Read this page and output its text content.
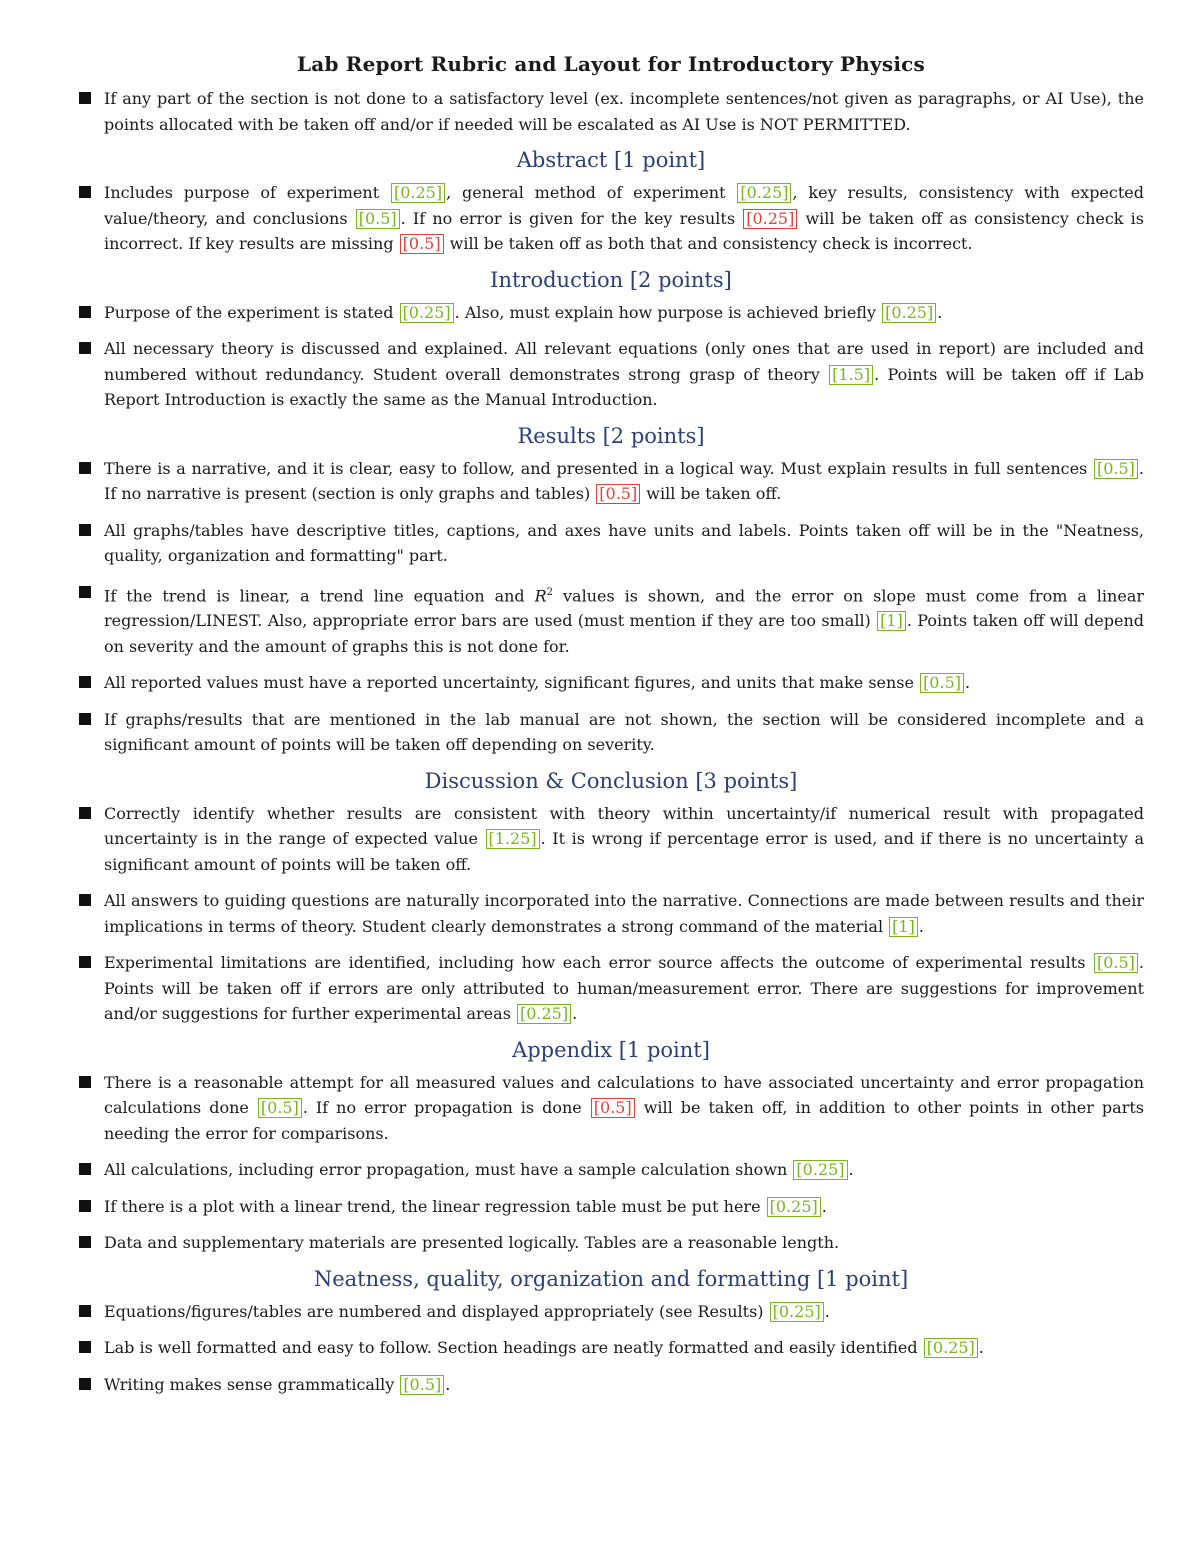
Lab Report Rubric and Layout for Introductory Physics
If any part of the section is not done to a satisfactory level (ex. incomplete sentences/not given as paragraphs, or AI Use), the points allocated with be taken off and/or if needed will be escalated as AI Use is NOT PERMITTED.
Abstract [1 point]
Includes purpose of experiment [0.25] , general method of experiment [0.25] , key results, consistency with expected value/theory, and conclusions [0.5] . If no error is given for the key results [0.25] will be taken off as consistency check is incorrect. If key results are missing [0.5] will be taken off as both that and consistency check is incorrect.
Introduction [2 points]
Purpose of the experiment is stated [0.25] . Also, must explain how purpose is achieved briefly [0.25] .
All necessary theory is discussed and explained. All relevant equations (only ones that are used in report) are included and numbered without redundancy. Student overall demonstrates strong grasp of theory [1.5] . Points will be taken off if Lab Report Introduction is exactly the same as the Manual Introduction.
Results [2 points]
There is a narrative, and it is clear, easy to follow, and presented in a logical way. Must explain results in full sentences [0.5] . If no narrative is present (section is only graphs and tables) [0.5] will be taken off.
All graphs/tables have descriptive titles, captions, and axes have units and labels. Points taken off will be in the "Neatness, quality, organization and formatting" part.
If the trend is linear, a trend line equation and $R^2$ values is shown, and the error on slope must come from a linear regression/LINEST. Also, appropriate error bars are used (must mention if they are too small) [1] . Points taken off will depend on severity and the amount of graphs this is not done for.
All reported values must have a reported uncertainty, significant figures, and units that make sense [0.5] .
If graphs/results that are mentioned in the lab manual are not shown, the section will be considered incomplete and a significant amount of points will be taken off depending on severity.
Discussion & Conclusion [3 points]
Correctly identify whether results are consistent with theory within uncertainty/if numerical result with propagated uncertainty is in the range of expected value [1.25] . It is wrong if percentage error is used, and if there is no uncertainty a significant amount of points will be taken off.
All answers to guiding questions are naturally incorporated into the narrative. Connections are made between results and their implications in terms of theory. Student clearly demonstrates a strong command of the material [1] .
Experimental limitations are identified, including how each error source affects the outcome of experimental results [0.5] . Points will be taken off if errors are only attributed to human/measurement error. There are suggestions for improvement and/or suggestions for further experimental areas [0.25] .
Appendix [1 point]
There is a reasonable attempt for all measured values and calculations to have associated uncertainty and error propagation calculations done [0.5] . If no error propagation is done [0.5] will be taken off, in addition to other points in other parts needing the error for comparisons.
All calculations, including error propagation, must have a sample calculation shown [0.25] .
If there is a plot with a linear trend, the linear regression table must be put here [0.25] .
Data and supplementary materials are presented logically. Tables are a reasonable length.
Neatness, quality, organization and formatting [1 point]
Equations/figures/tables are numbered and displayed appropriately (see Results) [0.25] .
Lab is well formatted and easy to follow. Section headings are neatly formatted and easily identified [0.25] .
Writing makes sense grammatically [0.5] .
